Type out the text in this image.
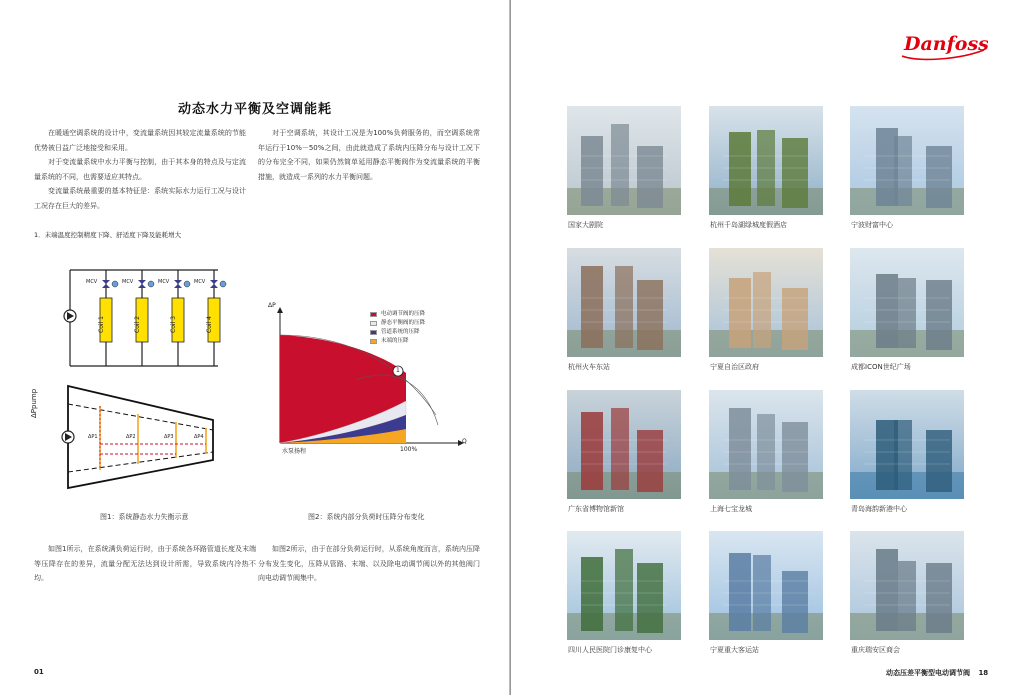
动态水力平衡及空调能耗

在暖通空调系统的设计中，变流量系统因其较定流量系统的节能优势被日益广泛地接受和采用。

对于变流量系统中水力平衡与控制，由于其本身的特点及与定流量系统的不同，也需要适应其特点。

变流量系统最重要的基本特征是：系统实际水力运行工况与设计工况存在巨大的差异。

对于空调系统，其设计工况是为100%负荷服务的，而空调系统常年运行于10%－50%之间，由此就造成了系统内压降分布与设计工况下的分布完全不同，如果仍然简单延用静态平衡阀作为变流量系统的平衡措施，就造成一系列的水力平衡问题。

1．末端温度控制精度下降、舒适度下降及能耗增大
MCV
Coil 1
MCV
Coil 2
MCV
Coil 3
MCV
Coil 4
ΔPpump
ΔP1	ΔP2	ΔP3	ΔP4
图1：系统静态水力失衡示意
1
ΔP
Q
水泵扬程	100%
电动调节阀的压降
静态平衡阀的压降
管道系统的压降
末端的压降
图2：系统内部分负荷时压降分布变化

如图1所示，在系统满负荷运行时，由于系统各环路管道长度及末端等压降存在的差异，流量分配无法达到设计所需，导致系统内冷热不均。

如图2所示，由于在部分负荷运行时，从系统角度而言，系统内压降分布发生变化，压降从管路、末端、以及除电动调节阀以外的其他阀门向电动调节阀集中。

01
Danfoss
国家大剧院	杭州千岛湖绿城度假酒店	宁波财富中心
杭州火车东站	宁夏自治区政府	成都ICON世纪广场
广东省博物馆新馆	上海七宝龙城	青岛海韵新港中心
四川人民医院门诊康复中心	宁夏重大客运站	重庆瑞安区商会
动态压差平衡型电动调节阀 18
